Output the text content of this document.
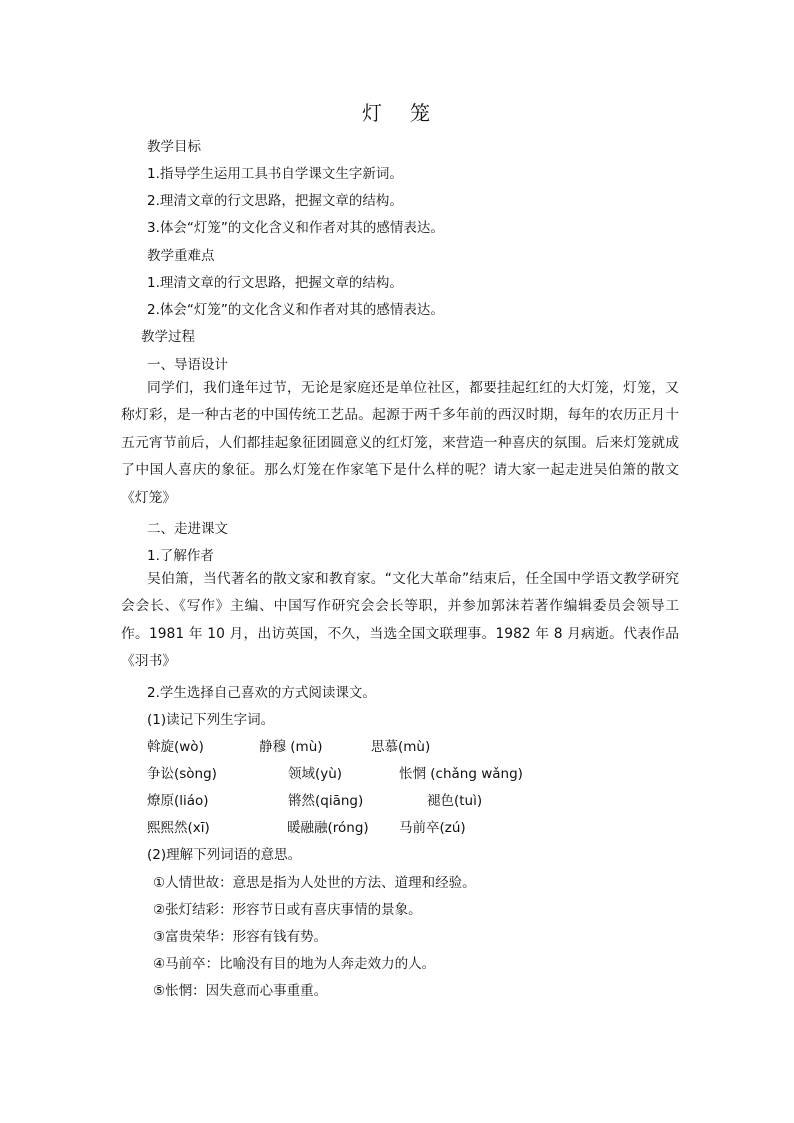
灯 笼
教学目标
1.指导学生运用工具书自学课文生字新词。
2.理清文章的行文思路，把握文章的结构。
3.体会“灯笼”的文化含义和作者对其的感情表达。
教学重难点
1.理清文章的行文思路，把握文章的结构。
2.体会“灯笼”的文化含义和作者对其的感情表达。
教学过程
一、导语设计
同学们，我们逢年过节，无论是家庭还是单位社区，都要挂起红红的大灯笼，灯笼，又称灯彩，是一种古老的中国传统工艺品。起源于两千多年前的西汉时期，每年的农历正月十五元宵节前后，人们都挂起象征团圆意义的红灯笼，来营造一种喜庆的氛围。后来灯笼就成了中国人喜庆的象征。那么灯笼在作家笔下是什么样的呢？请大家一起走进吴伯箫的散文《灯笼》
二、走进课文
1.了解作者
吴伯箫，当代著名的散文家和教育家。“文化大革命”结束后，任全国中学语文教学研究会会长、《写作》主编、中国写作研究会会长等职，并参加郭沫若著作编辑委员会领导工作。1981 年 10 月，出访英国，不久，当选全国文联理事。1982 年 8 月病逝。代表作品《羽书》
2.学生选择自己喜欢的方式阅读课文。
(1)读记下列生字词。
斡旋(wò)	静穆 (mù)	思慕(mù)
争讼(sòng)	领域(yù)	怅惘 (chǎng wǎng)
燎原(liáo)	锵然(qiāng)	褪色(tuì)
熙熙然(xī)	暖融融(róng) 马前卒(zú)
(2)理解下列词语的意思。
①人情世故：意思是指为人处世的方法、道理和经验。
②张灯结彩：形容节日或有喜庆事情的景象。
③富贵荣华：形容有钱有势。
④马前卒：比喻没有目的地为人奔走效力的人。
⑤怅惘：因失意而心事重重。
